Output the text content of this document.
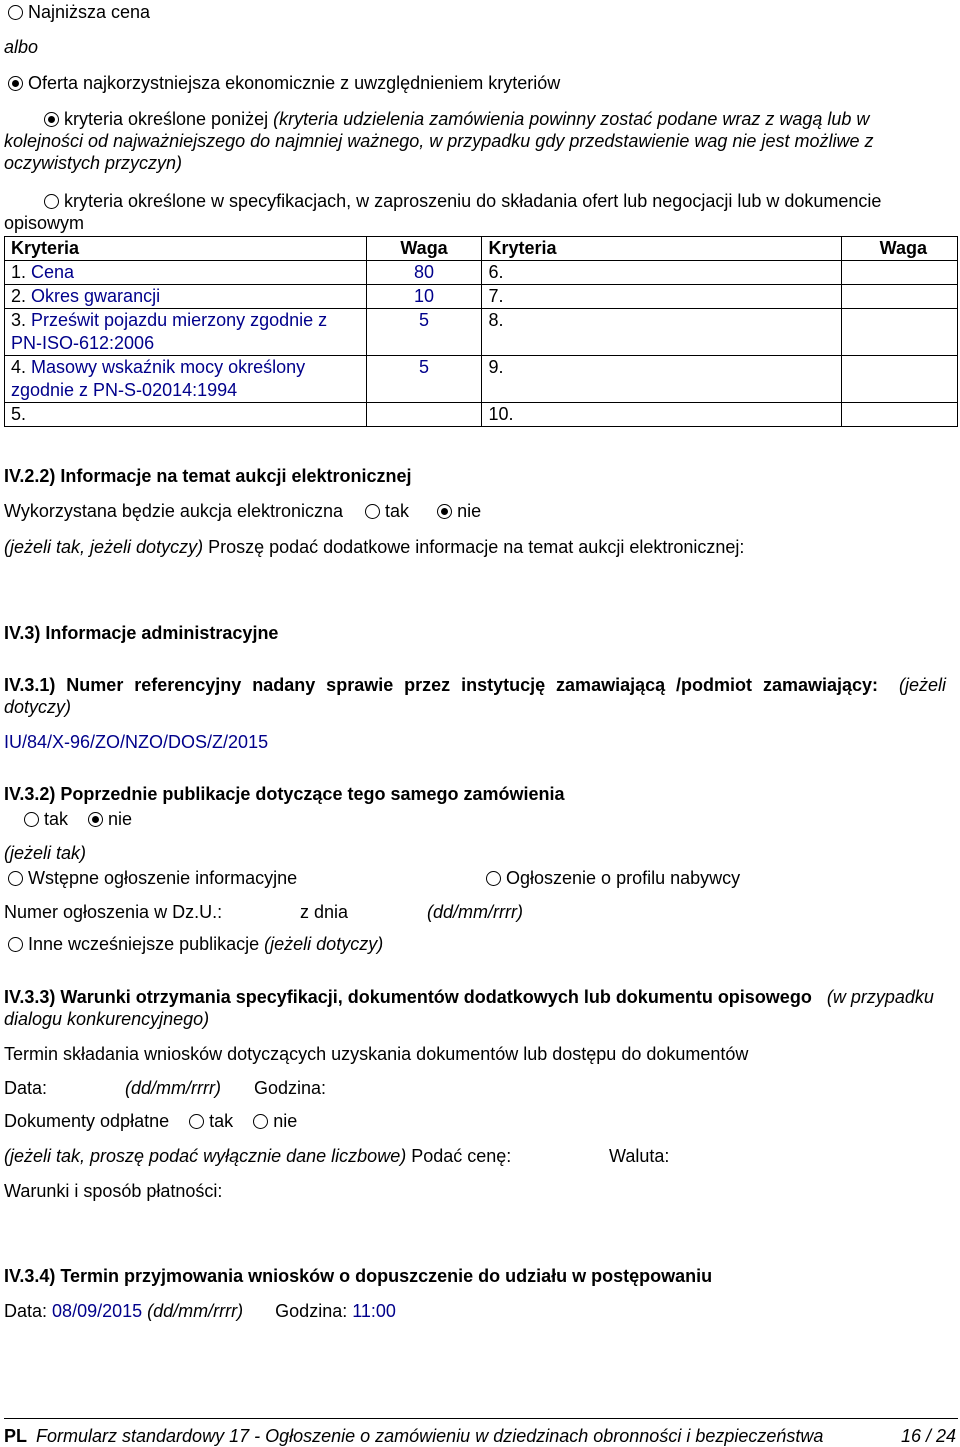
Najniższa cena
albo
Oferta najkorzystniejsza ekonomicznie z uwzględnieniem kryteriów
kryteria określone poniżej (kryteria udzielenia zamówienia powinny zostać podane wraz z wagą lub w kolejności od najważniejszego do najmniej ważnego, w przypadku gdy przedstawienie wag nie jest możliwe z oczywistych przyczyn)
kryteria określone w specyfikacjach, w zaproszeniu do składania ofert lub negocjacji lub w dokumencie opisowym
Kryteria	Waga	Kryteria	Waga
1. Cena	80	6.	
2. Okres gwarancji	10	7.	
3. Prześwit pojazdu mierzony zgodnie z PN-ISO-612:2006	5	8.	
4. Masowy wskaźnik mocy określony zgodnie z PN-S-02014:1994	5	9.	
5.		10.	
IV.2.2) Informacje na temat aukcji elektronicznej
Wykorzystana będzie aukcja elektroniczna tak	nie
(jeżeli tak, jeżeli dotyczy) Proszę podać dodatkowe informacje na temat aukcji elektronicznej:
IV.3) Informacje administracyjne
IV.3.1) Numer referencyjny nadany sprawie przez instytucję zamawiającą /podmiot zamawiający: (jeżeli dotyczy)
IU/84/X-96/ZO/NZO/DOS/Z/2015
IV.3.2) Poprzednie publikacje dotyczące tego samego zamówienia
tak nie
(jeżeli tak)
Wstępne ogłoszenie informacyjne	Ogłoszenie o profilu nabywcy
Numer ogłoszenia w Dz.U.:	z dnia	(dd/mm/rrrr)
Inne wcześniejsze publikacje (jeżeli dotyczy)
IV.3.3) Warunki otrzymania specyfikacji, dokumentów dodatkowych lub dokumentu opisowego (w przypadku dialogu konkurencyjnego)
Termin składania wniosków dotyczących uzyskania dokumentów lub dostępu do dokumentów
Data:	(dd/mm/rrrr) Godzina:
Dokumenty odpłatne tak nie
(jeżeli tak, proszę podać wyłącznie dane liczbowe) Podać cenę:	Waluta:
Warunki i sposób płatności:
IV.3.4) Termin przyjmowania wniosków o dopuszczenie do udziału w postępowaniu
Data: 08/09/2015 (dd/mm/rrrr) Godzina: 11:00
PL Formularz standardowy 17 - Ogłoszenie o zamówieniu w dziedzinach obronności i bezpieczeństwa	16 / 24
